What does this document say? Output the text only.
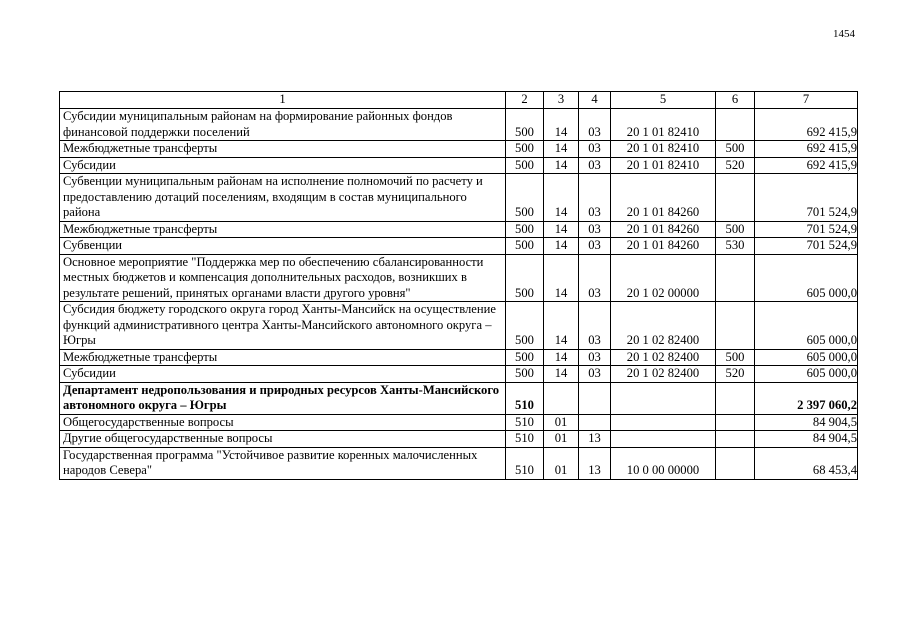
1454
1	2	3	4	5	6	7
Субсидии муниципальным районам на формирование районных фондов финансовой поддержки поселений	500	14	03	20 1 01 82410		692 415,9
Межбюджетные трансферты	500	14	03	20 1 01 82410	500	692 415,9
Субсидии	500	14	03	20 1 01 82410	520	692 415,9
Субвенции муниципальным районам на исполнение полномочий по расчету и предоставлению дотаций поселениям, входящим в состав муниципального района	500	14	03	20 1 01 84260		701 524,9
Межбюджетные трансферты	500	14	03	20 1 01 84260	500	701 524,9
Субвенции	500	14	03	20 1 01 84260	530	701 524,9
Основное мероприятие "Поддержка мер по обеспечению сбалансированности местных бюджетов и компенсация дополнительных расходов, возникших в результате решений, принятых органами власти другого уровня"	500	14	03	20 1 02 00000		605 000,0
Субсидия бюджету городского округа город Ханты-Мансийск на осуществление функций административного центра Ханты-Мансийского автономного округа – Югры	500	14	03	20 1 02 82400		605 000,0
Межбюджетные трансферты	500	14	03	20 1 02 82400	500	605 000,0
Субсидии	500	14	03	20 1 02 82400	520	605 000,0
Департамент недропользования и природных ресурсов Ханты-Мансийского автономного округа – Югры	510					2 397 060,2
Общегосударственные вопросы	510	01				84 904,5
Другие общегосударственные вопросы	510	01	13			84 904,5
Государственная программа "Устойчивое развитие коренных малочисленных народов Севера"	510	01	13	10 0 00 00000		68 453,4
